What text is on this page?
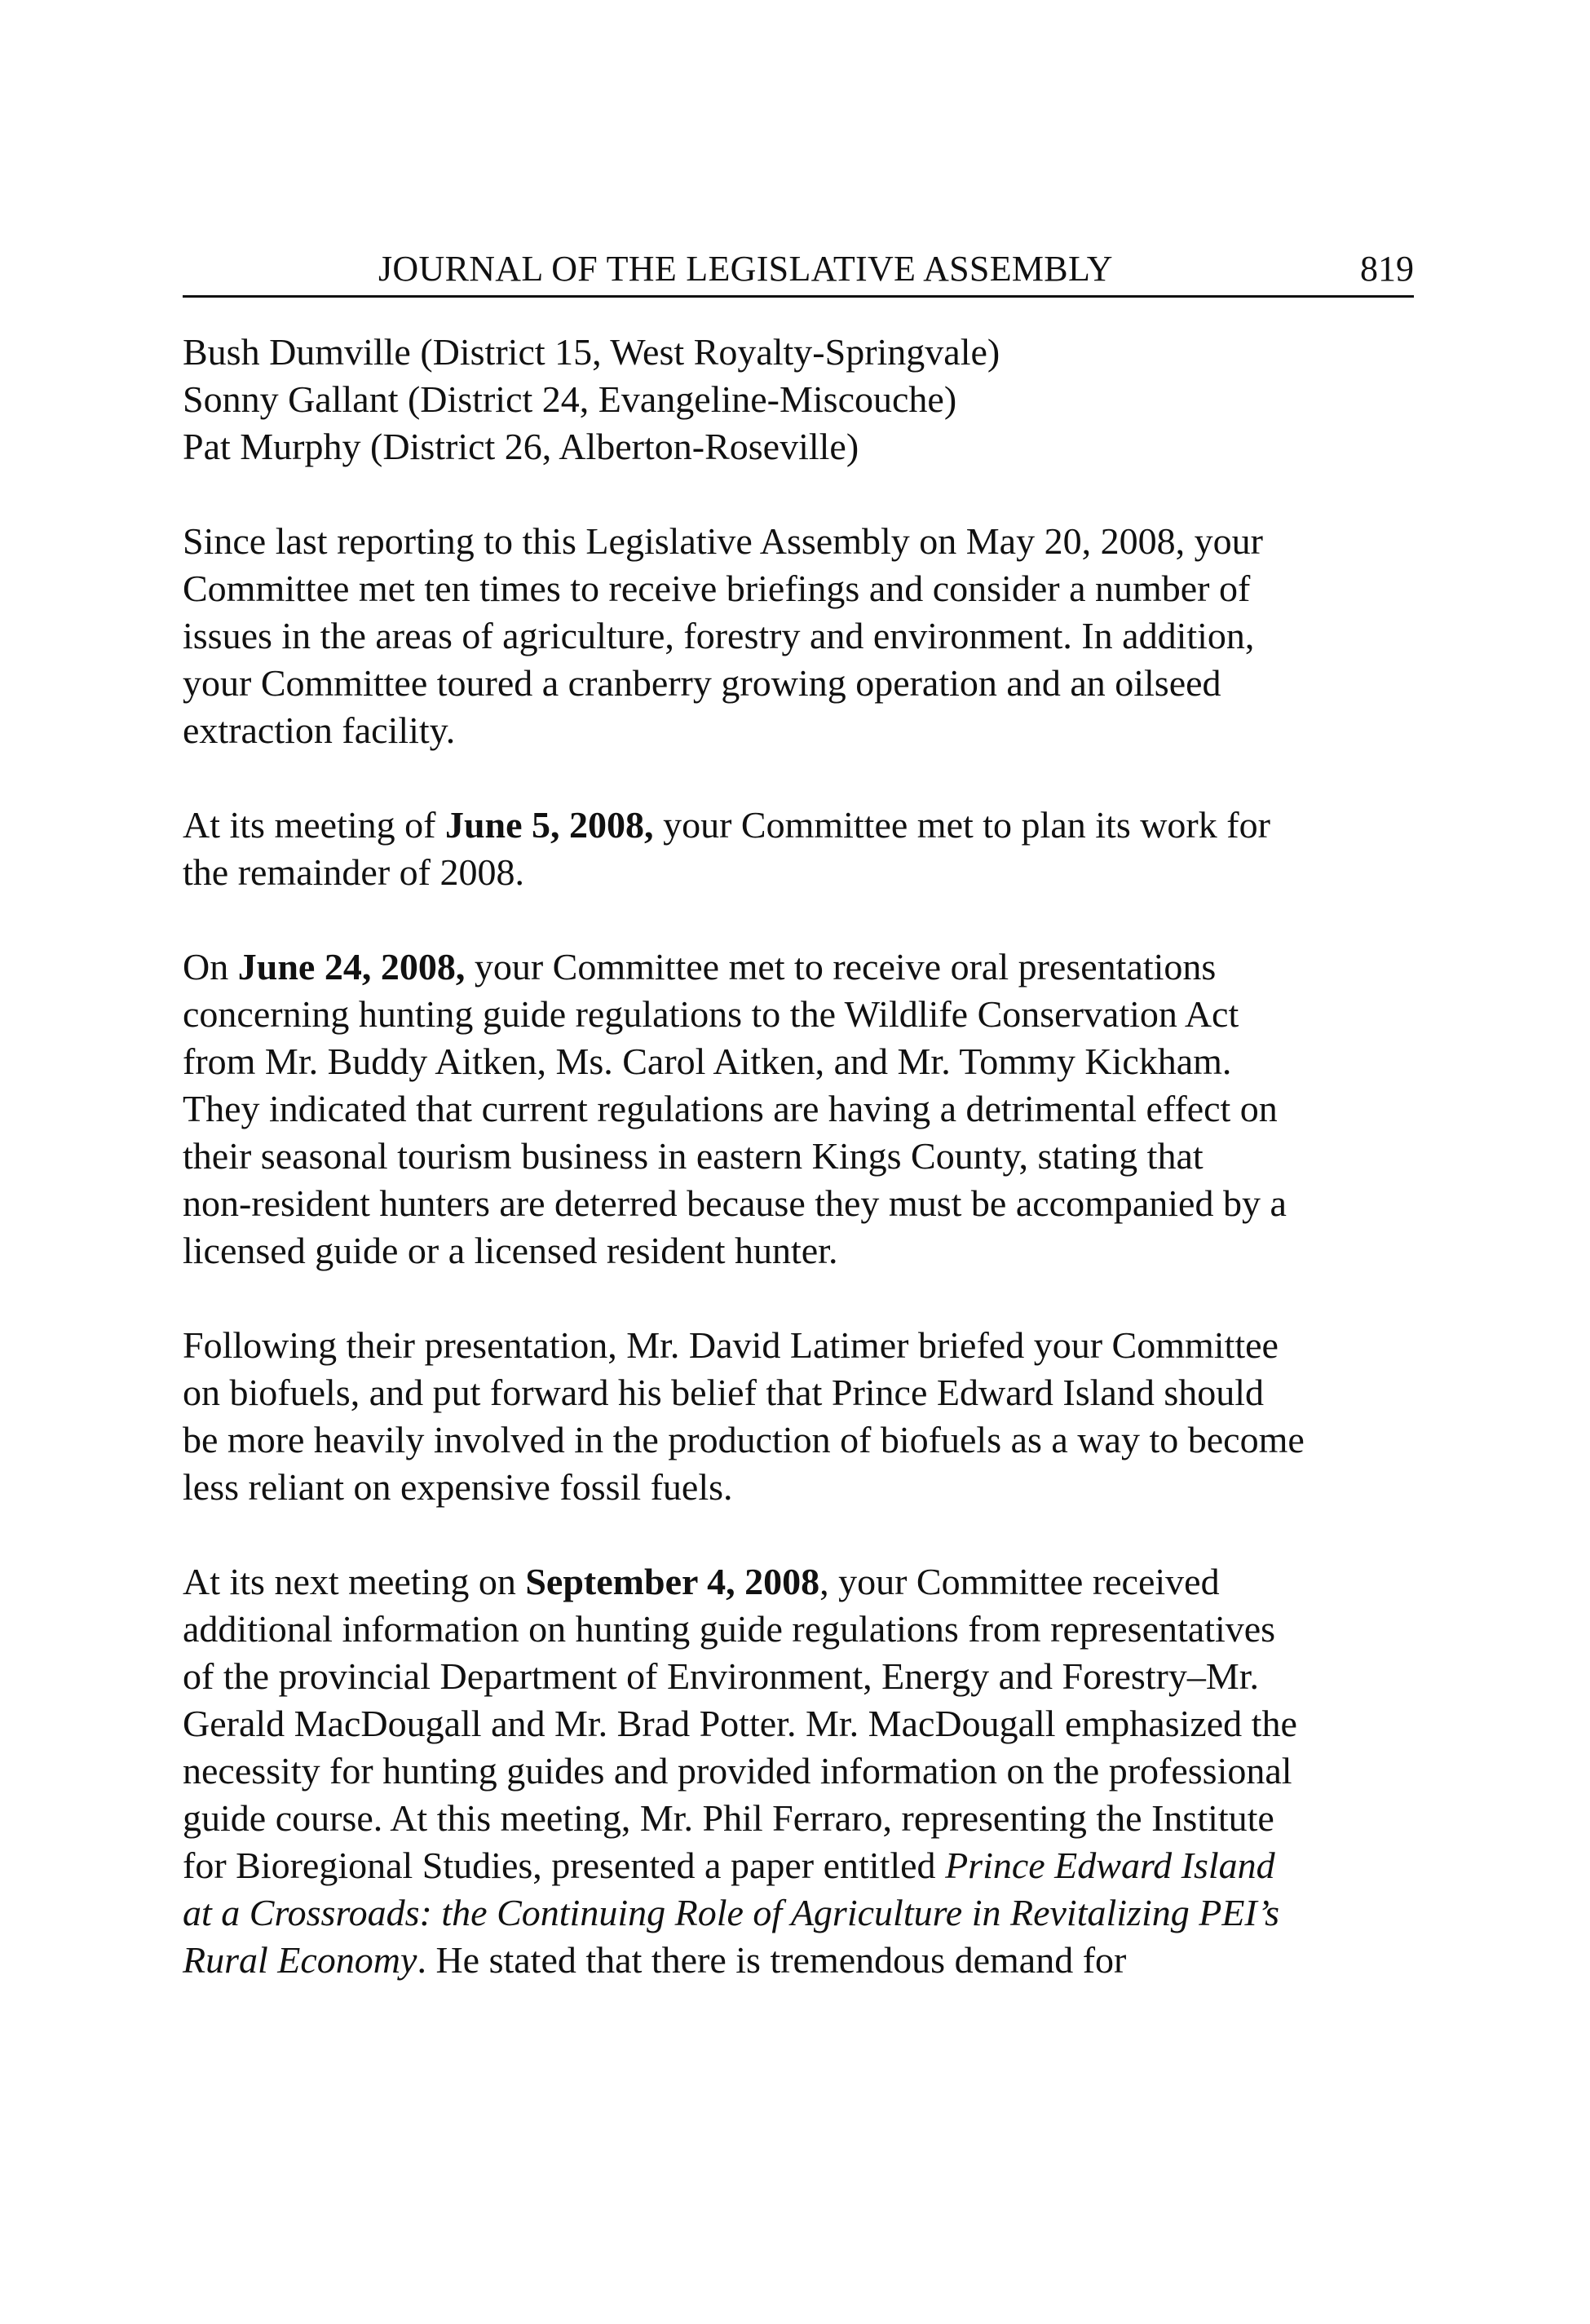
JOURNAL OF THE LEGISLATIVE ASSEMBLY	819
Bush Dumville (District 15, West Royalty-Springvale)
Sonny Gallant (District 24, Evangeline-Miscouche)
Pat Murphy (District 26, Alberton-Roseville)
Since last reporting to this Legislative Assembly on May 20, 2008, your
Committee met ten times to receive briefings and consider a number of
issues in the areas of agriculture, forestry and environment. In addition,
your Committee toured a cranberry growing operation and an oilseed
extraction facility.
At its meeting of June 5, 2008, your Committee met to plan its work for
the remainder of 2008.
On June 24, 2008, your Committee met to receive oral presentations
concerning hunting guide regulations to the Wildlife Conservation Act
from Mr. Buddy Aitken, Ms. Carol Aitken, and Mr. Tommy Kickham.
They indicated that current regulations are having a detrimental effect on
their seasonal tourism business in eastern Kings County, stating that
non-resident hunters are deterred because they must be accompanied by a
licensed guide or a licensed resident hunter.
Following their presentation, Mr. David Latimer briefed your Committee
on biofuels, and put forward his belief that Prince Edward Island should
be more heavily involved in the production of biofuels as a way to become
less reliant on expensive fossil fuels.
At its next meeting on September 4, 2008, your Committee received
additional information on hunting guide regulations from representatives
of the provincial Department of Environment, Energy and Forestry–Mr.
Gerald MacDougall and Mr. Brad Potter. Mr. MacDougall emphasized the
necessity for hunting guides and provided information on the professional
guide course. At this meeting, Mr. Phil Ferraro, representing the Institute
for Bioregional Studies, presented a paper entitled Prince Edward Island
at a Crossroads: the Continuing Role of Agriculture in Revitalizing PEI’s
Rural Economy. He stated that there is tremendous demand for
